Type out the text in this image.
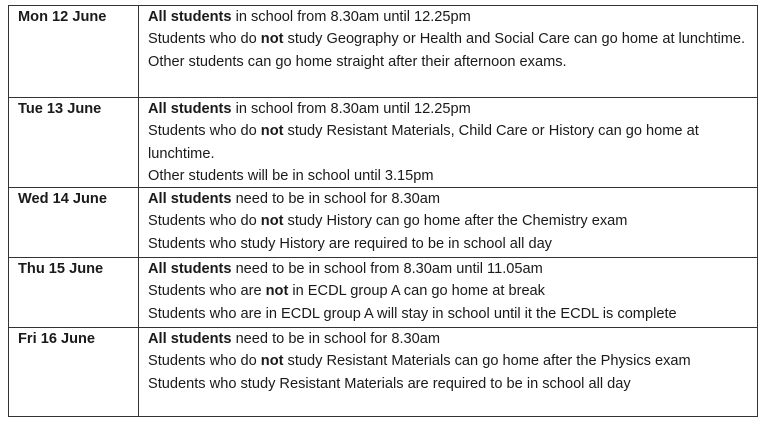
Mon 12 June	All students in school from 8.30am until 12.25pm
Students who do not study Geography or Health and Social Care can go home at lunchtime.
Other students can go home straight after their afternoon exams.

Tue 13 June	All students in school from 8.30am until 12.25pm
Students who do not study Resistant Materials, Child Care or History can go home at lunchtime.
Other students will be in school until 3.15pm

Wed 14 June	All students need to be in school for 8.30am
Students who do not study History can go home after the Chemistry exam
Students who study History are required to be in school all day

Thu 15 June	All students need to be in school from 8.30am until 11.05am
Students who are not in ECDL group A can go home at break
Students who are in ECDL group A will stay in school until it the ECDL is complete

Fri 16 June	All students need to be in school for 8.30am
Students who do not study Resistant Materials can go home after the Physics exam
Students who study Resistant Materials are required to be in school all day
